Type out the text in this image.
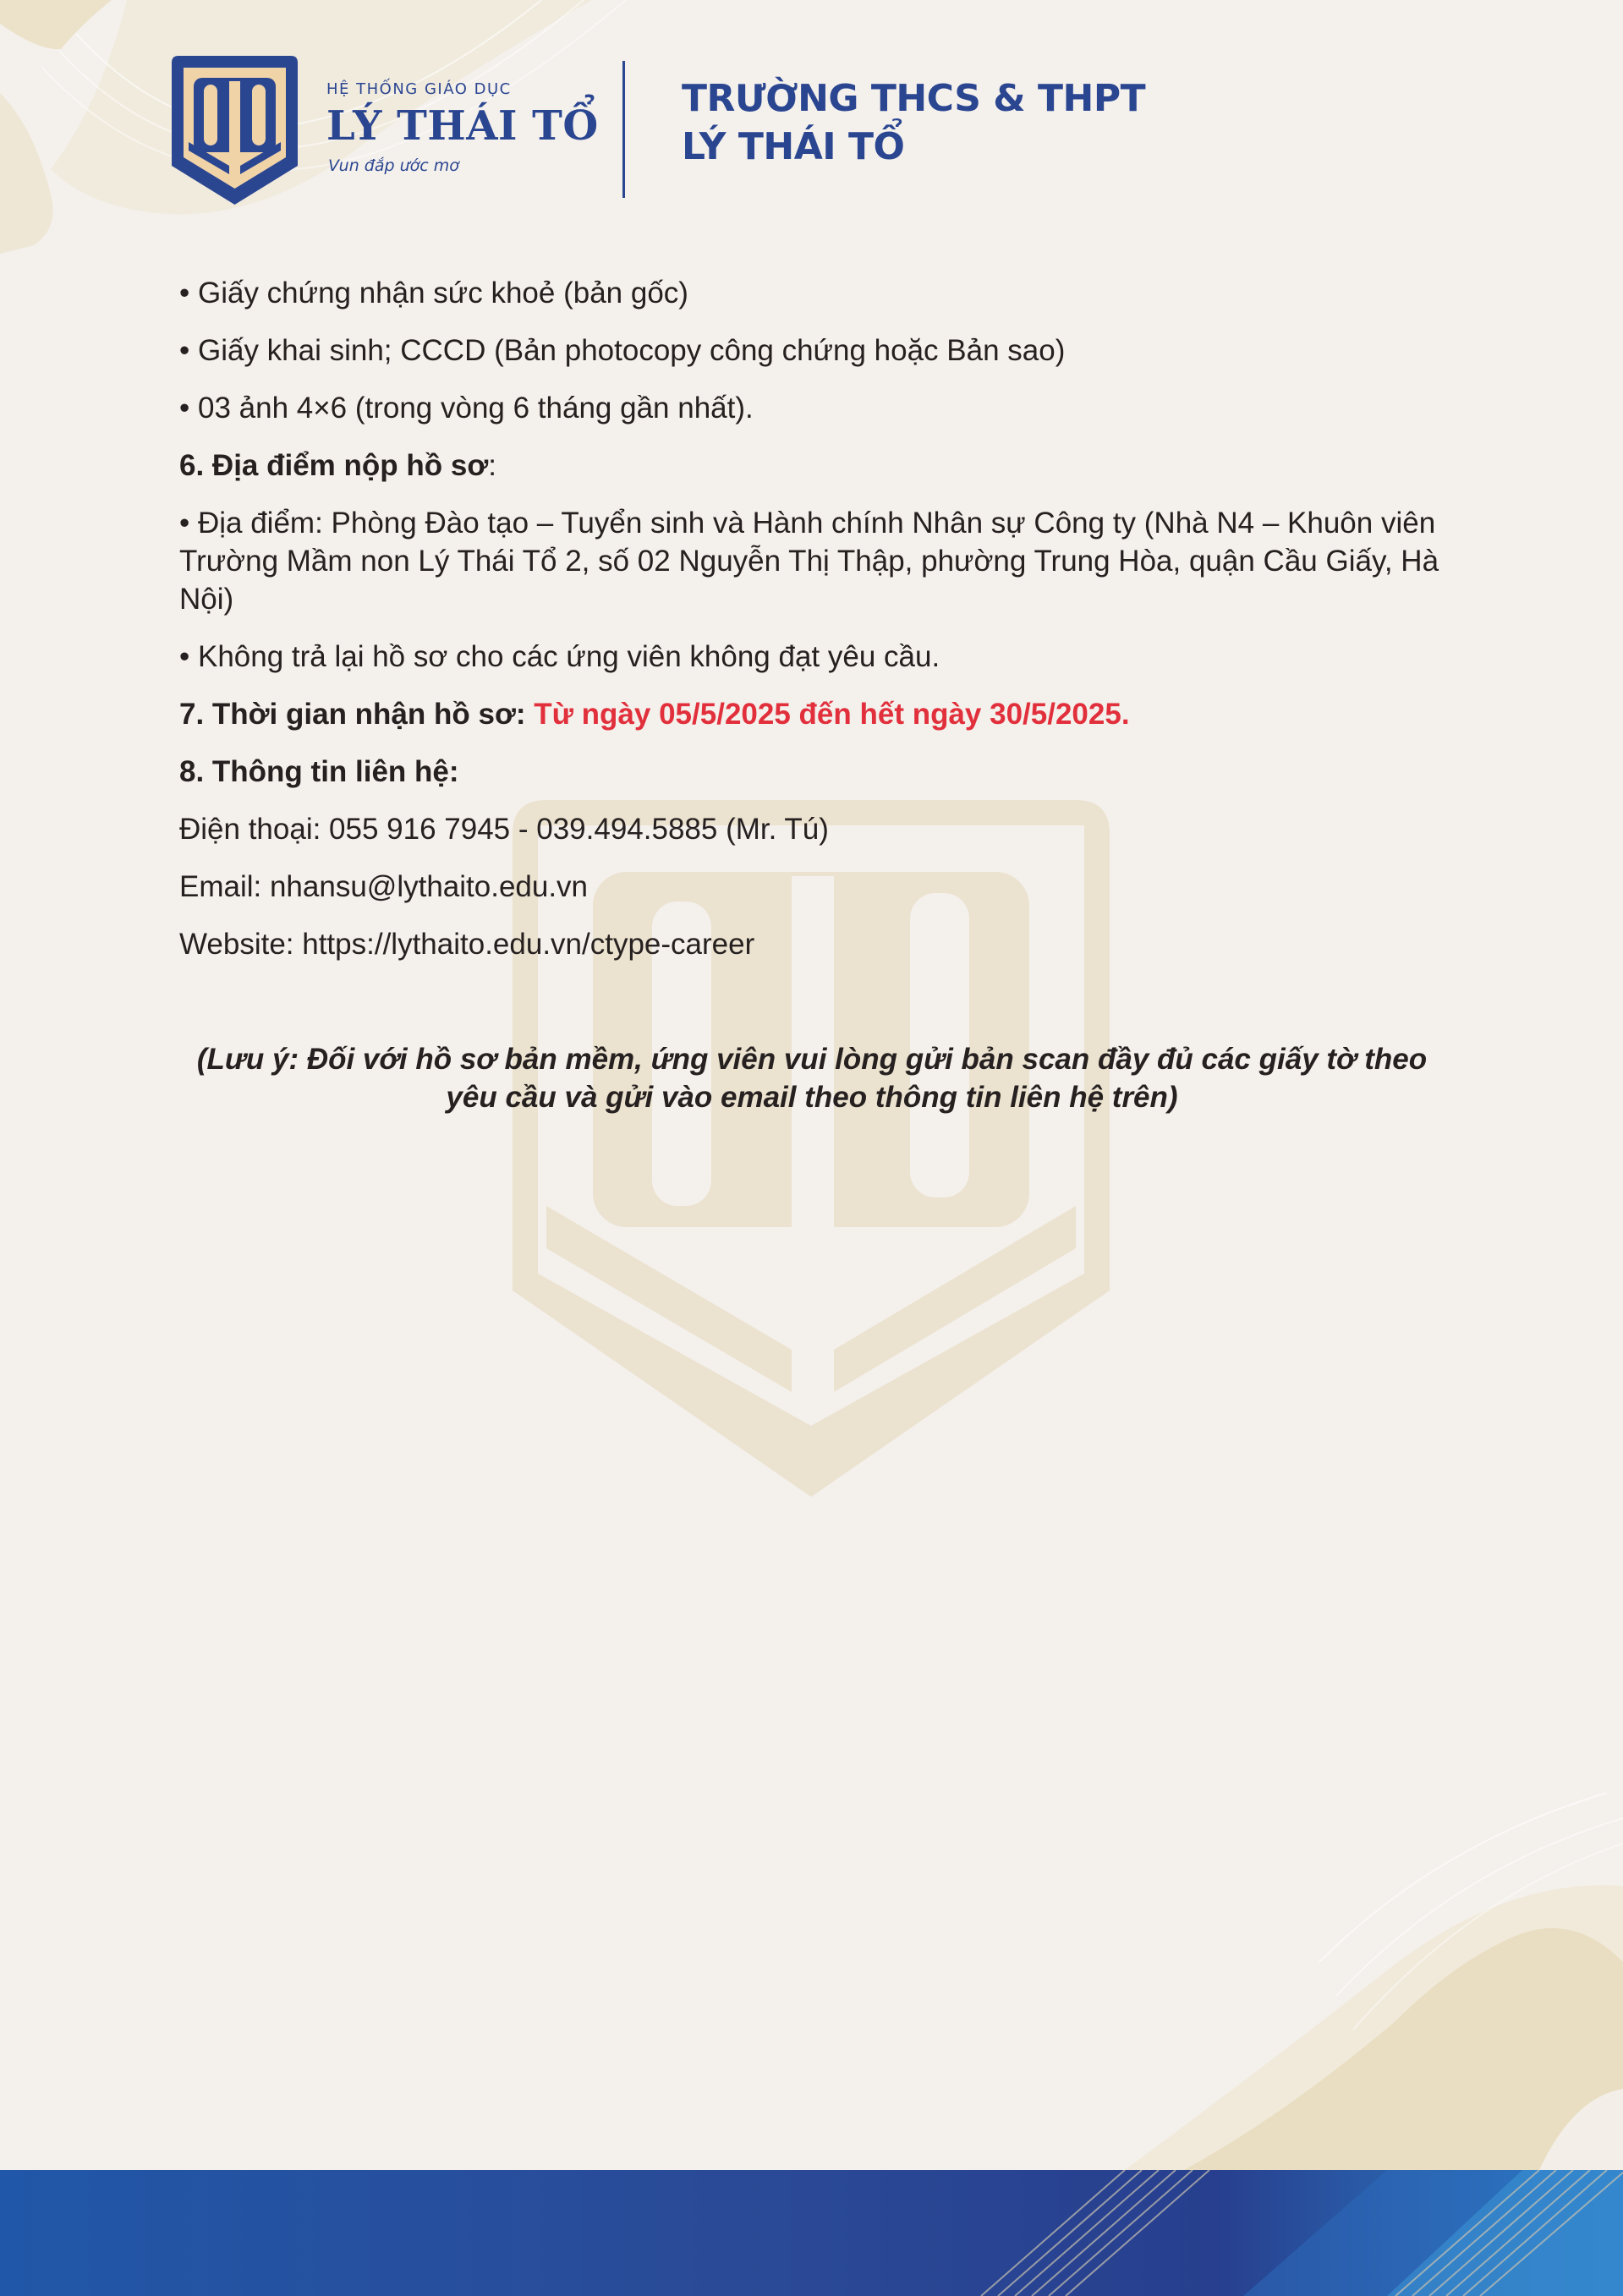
HỆ THỐNG GIÁO DỤC

LÝ THÁI TỔ

Vun đắp ước mơ

TRƯỜNG THCS & THPT
LÝ THÁI TỔ

• Giấy chứng nhận sức khoẻ (bản gốc)

• Giấy khai sinh; CCCD (Bản photocopy công chứng hoặc Bản sao)

• 03 ảnh 4×6 (trong vòng 6 tháng gần nhất).

6. Địa điểm nộp hồ sơ:

• Địa điểm: Phòng Đào tạo – Tuyển sinh và Hành chính Nhân sự Công ty (Nhà N4 – Khuôn viên Trường Mầm non Lý Thái Tổ 2, số 02 Nguyễn Thị Thập, phường Trung Hòa, quận Cầu Giấy, Hà Nội)

• Không trả lại hồ sơ cho các ứng viên không đạt yêu cầu.

7. Thời gian nhận hồ sơ: Từ ngày 05/5/2025 đến hết ngày 30/5/2025.

8. Thông tin liên hệ:

Điện thoại: 055 916 7945 - 039.494.5885 (Mr. Tú)

Email: nhansu@lythaito.edu.vn

Website: https://lythaito.edu.vn/ctype-career

(Lưu ý: Đối với hồ sơ bản mềm, ứng viên vui lòng gửi bản scan đầy đủ các giấy tờ theo yêu cầu và gửi vào email theo thông tin liên hệ trên)
